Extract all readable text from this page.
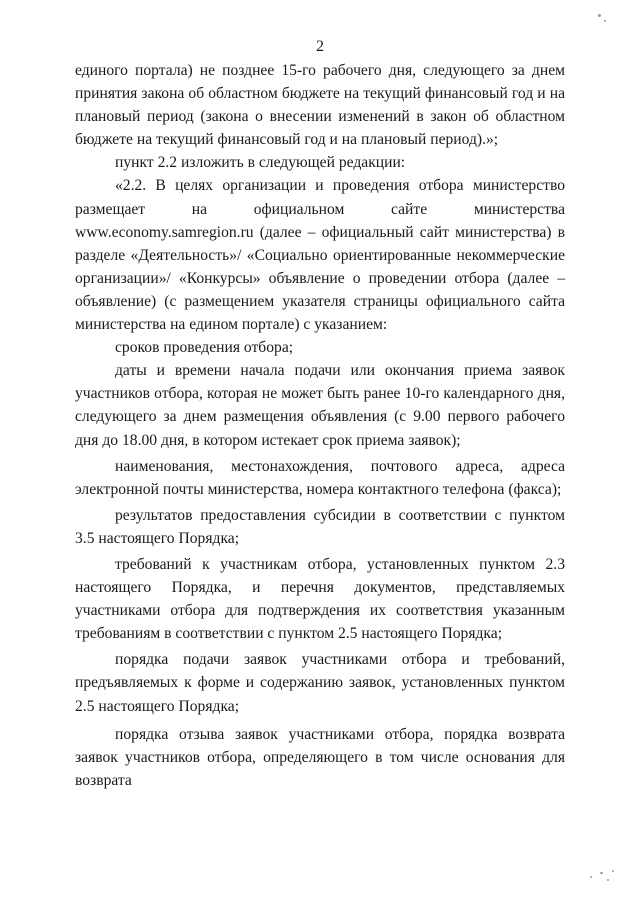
2

единого портала) не позднее 15-го рабочего дня, следующего за днем принятия закона об областном бюджете на текущий финансовый год и на плановый период (закона о внесении изменений в закон об областном бюджете на текущий финансовый год и на плановый период).»;

пункт 2.2 изложить в следующей редакции:

«2.2. В целях организации и проведения отбора министерство размещает на официальном сайте министерства www.economy.samregion.ru (далее – официальный сайт министерства) в разделе «Деятельность»/ «Социально ориентированные некоммерческие организации»/ «Конкурсы» объявление о проведении отбора (далее – объявление) (с размещением указателя страницы официального сайта министерства на едином портале) с указанием:

сроков проведения отбора;

даты и времени начала подачи или окончания приема заявок участников отбора, которая не может быть ранее 10-го календарного дня, следующего за днем размещения объявления (с 9.00 первого рабочего дня до 18.00 дня, в котором истекает срок приема заявок);

наименования, местонахождения, почтового адреса, адреса электронной почты министерства, номера контактного телефона (факса);

результатов предоставления субсидии в соответствии с пунктом 3.5 настоящего Порядка;

требований к участникам отбора, установленных пунктом 2.3 настоящего Порядка, и перечня документов, представляемых участниками отбора для подтверждения их соответствия указанным требованиям в соответствии с пунктом 2.5 настоящего Порядка;

порядка подачи заявок участниками отбора и требований, предъявляемых к форме и содержанию заявок, установленных пунктом 2.5 настоящего Порядка;

порядка отзыва заявок участниками отбора, порядка возврата заявок участников отбора, определяющего в том числе основания для возврата
